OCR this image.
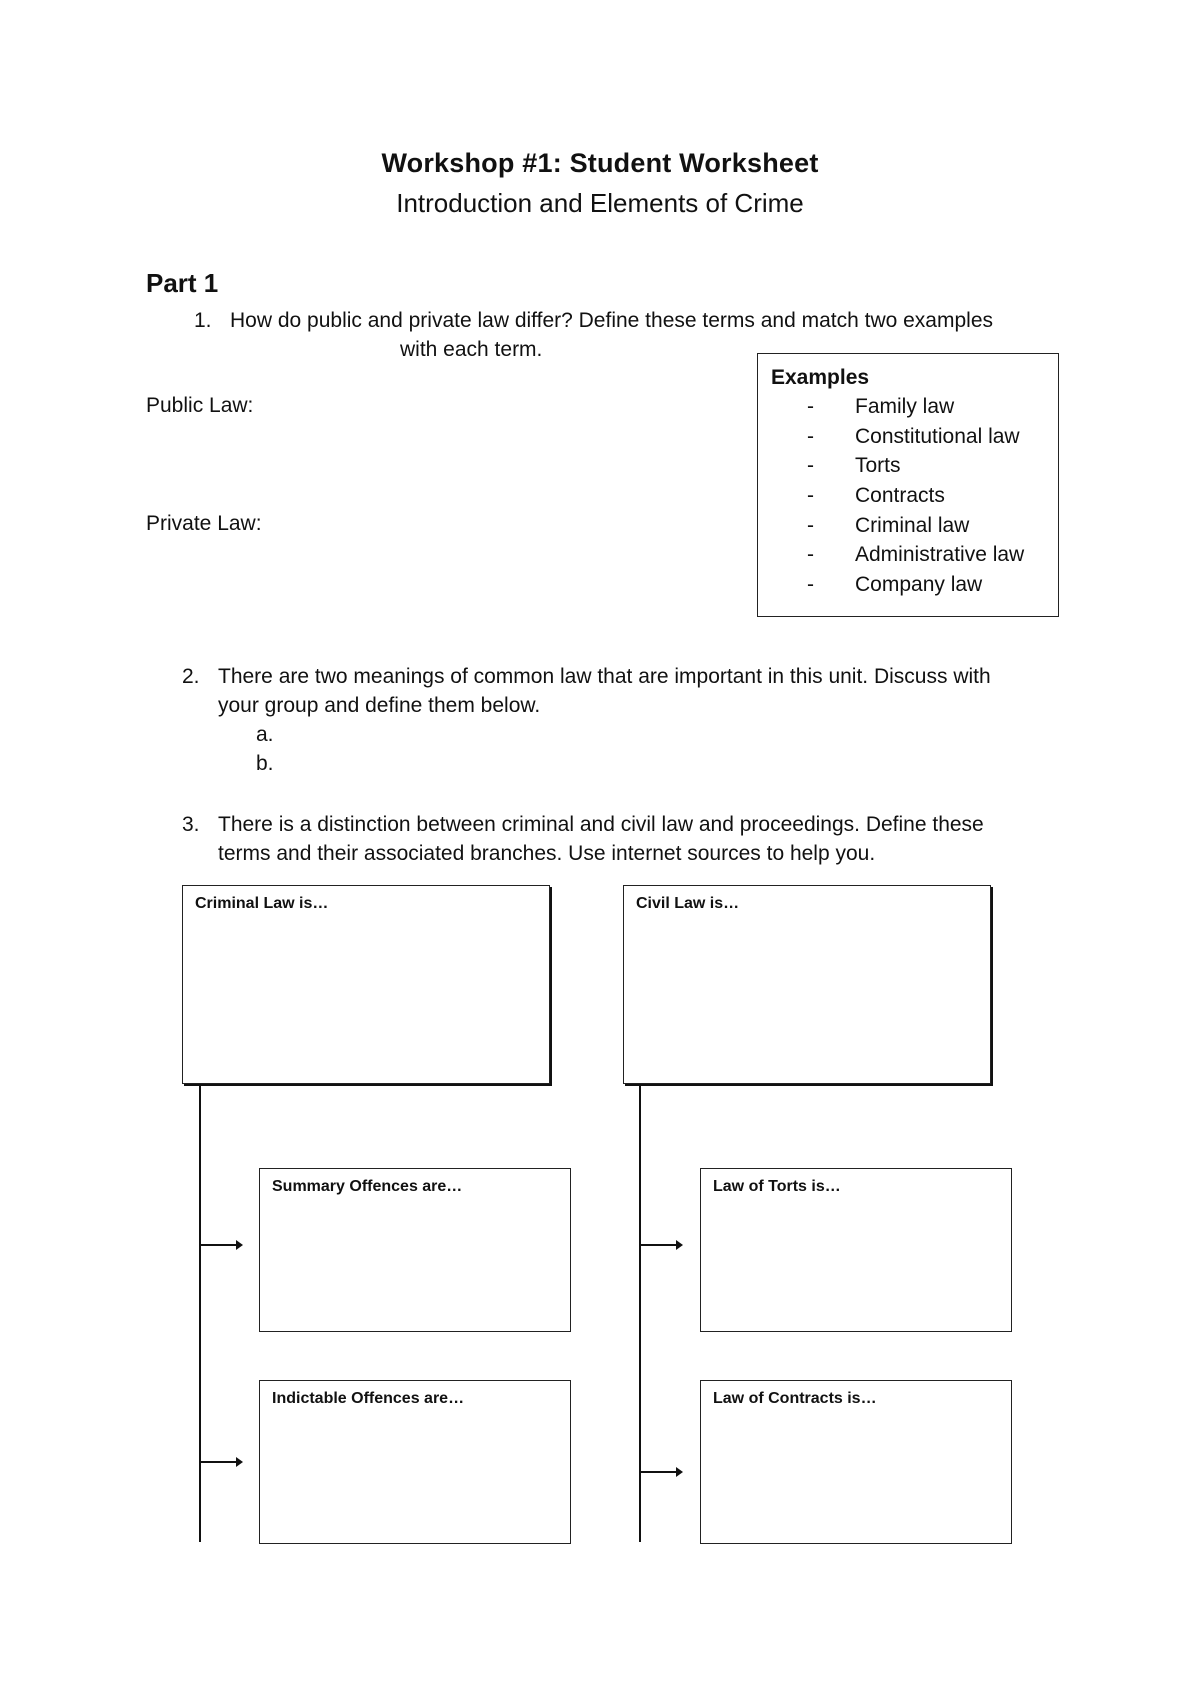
Workshop #1: Student Worksheet
Introduction and Elements of Crime
Part 1
1. How do public and private law differ? Define these terms and match two examples
with each term.
Public Law:
Private Law:
Examples
- Family law
- Constitutional law
- Torts
- Contracts
- Criminal law
- Administrative law
- Company law
2. There are two meanings of common law that are important in this unit. Discuss with
your group and define them below.
a.
b.
3. There is a distinction between criminal and civil law and proceedings. Define these
terms and their associated branches. Use internet sources to help you.
Criminal Law is…
Summary Offences are…
Indictable Offences are…
Civil Law is…
Law of Torts is…
Law of Contracts is…
